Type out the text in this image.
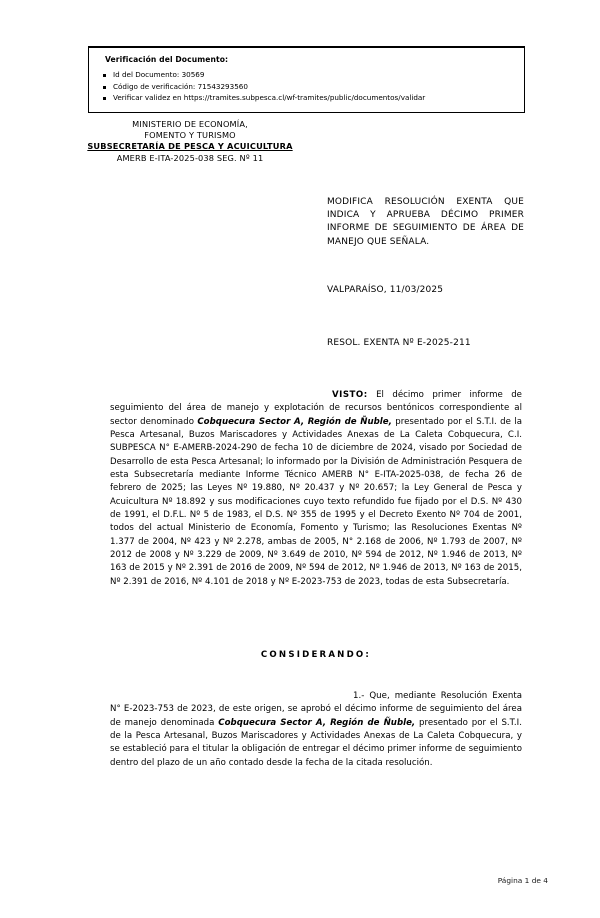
Verificación del Documento:
Id del Documento: 30569
Código de verificación: 71543293560
Verificar validez en https://tramites.subpesca.cl/wf-tramites/public/documentos/validar
MINISTERIO DE ECONOMÍA,
FOMENTO Y TURISMO
SUBSECRETARÍA DE PESCA Y ACUICULTURA
AMERB E-ITA-2025-038 SEG. Nº 11
MODIFICA RESOLUCIÓN EXENTA QUE INDICA Y APRUEBA DÉCIMO PRIMER INFORME DE SEGUIMIENTO DE ÁREA DE MANEJO QUE SEÑALA.
VALPARAÍSO, 11/03/2025
RESOL. EXENTA Nº E-2025-211
VISTO: El décimo primer informe de seguimiento del área de manejo y explotación de recursos bentónicos correspondiente al sector denominado Cobquecura Sector A, Región de Ñuble, presentado por el S.T.I. de la Pesca Artesanal, Buzos Mariscadores y Actividades Anexas de La Caleta Cobquecura, C.I. SUBPESCA N° E-AMERB-2024-290 de fecha 10 de diciembre de 2024, visado por Sociedad de Desarrollo de esta Pesca Artesanal; lo informado por la División de Administración Pesquera de esta Subsecretaría mediante Informe Técnico AMERB N° E-ITA-2025-038, de fecha 26 de febrero de 2025; las Leyes Nº 19.880, Nº 20.437 y Nº 20.657; la Ley General de Pesca y Acuicultura Nº 18.892 y sus modificaciones cuyo texto refundido fue fijado por el D.S. Nº 430 de 1991, el D.F.L. Nº 5 de 1983, el D.S. Nº 355 de 1995 y el Decreto Exento Nº 704 de 2001, todos del actual Ministerio de Economía, Fomento y Turismo; las Resoluciones Exentas Nº 1.377 de 2004, Nº 423 y Nº 2.278, ambas de 2005, N° 2.168 de 2006, Nº 1.793 de 2007, Nº 2012 de 2008 y Nº 3.229 de 2009, Nº 3.649 de 2010, Nº 594 de 2012, Nº 1.946 de 2013, Nº 163 de 2015 y Nº 2.391 de 2016 de 2009, Nº 594 de 2012, Nº 1.946 de 2013, Nº 163 de 2015, Nº 2.391 de 2016, Nº 4.101 de 2018 y Nº E-2023-753 de 2023, todas de esta Subsecretaría.
CONSIDERANDO:
1.- Que, mediante Resolución Exenta N° E-2023-753 de 2023, de este origen, se aprobó el décimo informe de seguimiento del área de manejo denominada Cobquecura Sector A, Región de Ñuble, presentado por el S.T.I. de la Pesca Artesanal, Buzos Mariscadores y Actividades Anexas de La Caleta Cobquecura, y se estableció para el titular la obligación de entregar el décimo primer informe de seguimiento dentro del plazo de un año contado desde la fecha de la citada resolución.
Página 1 de 4
